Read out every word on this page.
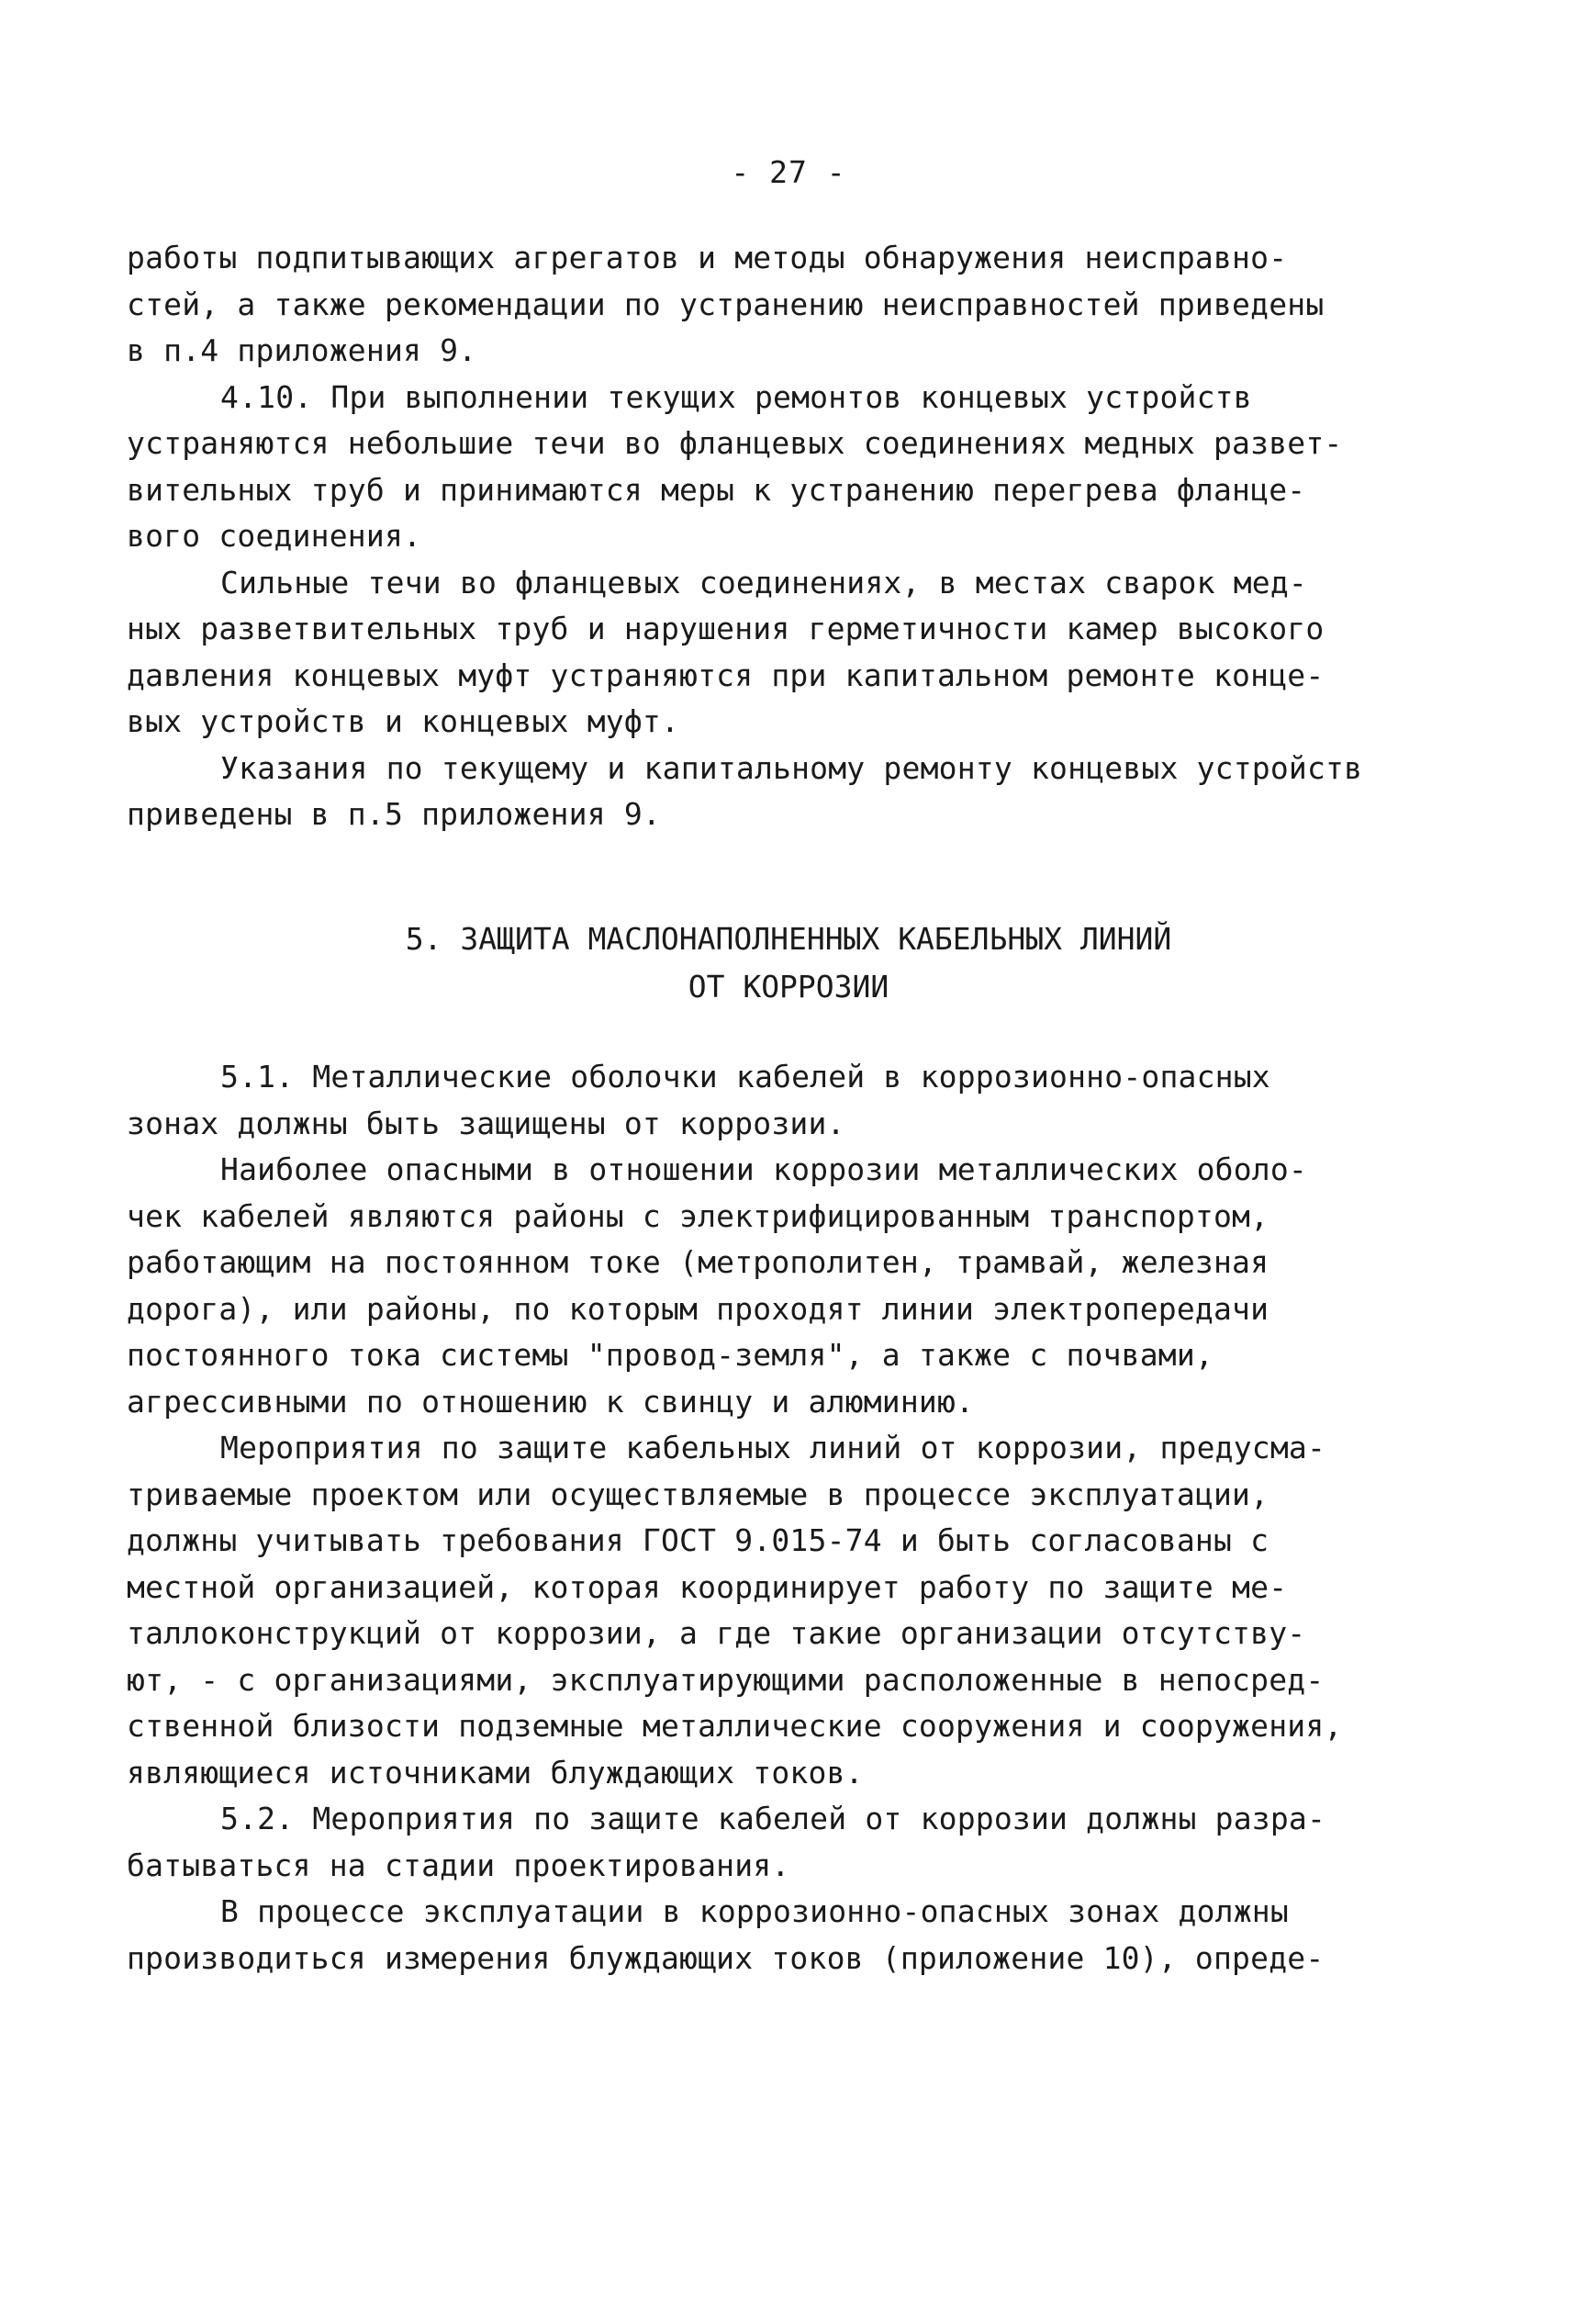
- 27 -
работы подпитывающих агрегатов и методы обнаружения неисправно-
стей, а также рекомендации по устранению неисправностей приведены
в п.4 приложения 9.
4.10. При выполнении текущих ремонтов концевых устройств
устраняются небольшие течи во фланцевых соединениях медных развет-
вительных труб и принимаются меры к устранению перегрева фланце-
вого соединения.
Сильные течи во фланцевых соединениях, в местах сварок мед-
ных разветвительных труб и нарушения герметичности камер высокого
давления концевых муфт устраняются при капитальном ремонте конце-
вых устройств и концевых муфт.
Указания по текущему и капитальному ремонту концевых устройств
приведены в п.5 приложения 9.
5. ЗАЩИТА МАСЛОНАПОЛНЕННЫХ КАБЕЛЬНЫХ ЛИНИЙ
ОТ КОРРОЗИИ
5.1. Металлические оболочки кабелей в коррозионно-опасных
зонах должны быть защищены от коррозии.
Наиболее опасными в отношении коррозии металлических оболо-
чек кабелей являются районы с электрифицированным транспортом,
работающим на постоянном токе (метрополитен, трамвай, железная
дорога), или районы, по которым проходят линии электропередачи
постоянного тока системы "провод-земля", а также с почвами,
агрессивными по отношению к свинцу и алюминию.
Мероприятия по защите кабельных линий от коррозии, предусма-
триваемые проектом или осуществляемые в процессе эксплуатации,
должны учитывать требования ГОСТ 9.015-74 и быть согласованы с
местной организацией, которая координирует работу по защите ме-
таллоконструкций от коррозии, а где такие организации отсутству-
ют, - с организациями, эксплуатирующими расположенные в непосред-
ственной близости подземные металлические сооружения и сооружения,
являющиеся источниками блуждающих токов.
5.2. Мероприятия по защите кабелей от коррозии должны разра-
батываться на стадии проектирования.
В процессе эксплуатации в коррозионно-опасных зонах должны
производиться измерения блуждающих токов (приложение 10), опреде-
